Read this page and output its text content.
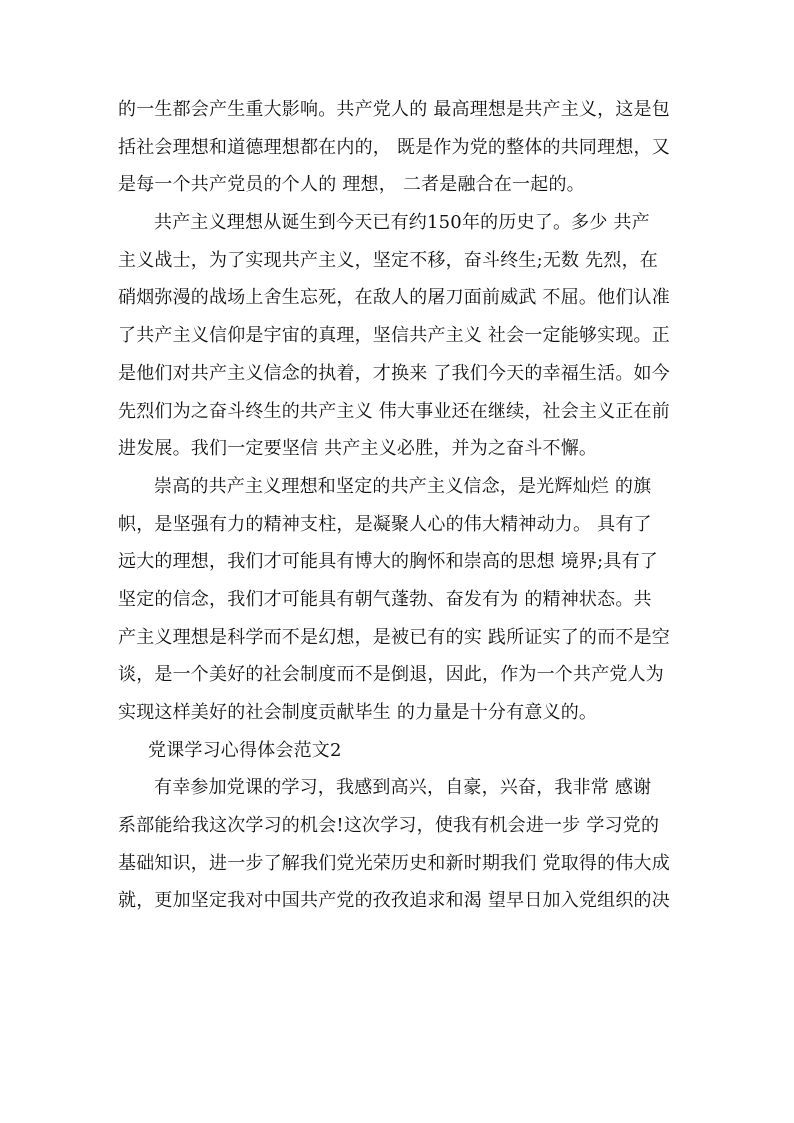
的一生都会产生重大影响。共产党人的 最高理想是共产主义，这是包
括社会理想和道德理想都在内的， 既是作为党的整体的共同理想，又
是每一个共产党员的个人的 理想， 二者是融合在一起的。
共产主义理想从诞生到今天已有约150年的历史了。多少 共产
主义战士，为了实现共产主义，坚定不移，奋斗终生;无数 先烈，在
硝烟弥漫的战场上舍生忘死，在敌人的屠刀面前威武 不屈。他们认准
了共产主义信仰是宇宙的真理，坚信共产主义 社会一定能够实现。正
是他们对共产主义信念的执着，才换来 了我们今天的幸福生活。如今
先烈们为之奋斗终生的共产主义 伟大事业还在继续，社会主义正在前
进发展。我们一定要坚信 共产主义必胜，并为之奋斗不懈。
崇高的共产主义理想和坚定的共产主义信念，是光辉灿烂 的旗
帜，是坚强有力的精神支柱，是凝聚人心的伟大精神动力。 具有了
远大的理想，我们才可能具有博大的胸怀和崇高的思想 境界;具有了
坚定的信念，我们才可能具有朝气蓬勃、奋发有为 的精神状态。共
产主义理想是科学而不是幻想，是被已有的实 践所证实了的而不是空
谈，是一个美好的社会制度而不是倒退，因此，作为一个共产党人为
实现这样美好的社会制度贡献毕生 的力量是十分有意义的。
党课学习心得体会范文2
有幸参加党课的学习，我感到高兴，自豪，兴奋，我非常 感谢
系部能给我这次学习的机会!这次学习，使我有机会进一步 学习党的
基础知识，进一步了解我们党光荣历史和新时期我们 党取得的伟大成
就，更加坚定我对中国共产党的孜孜追求和渴 望早日加入党组织的决
